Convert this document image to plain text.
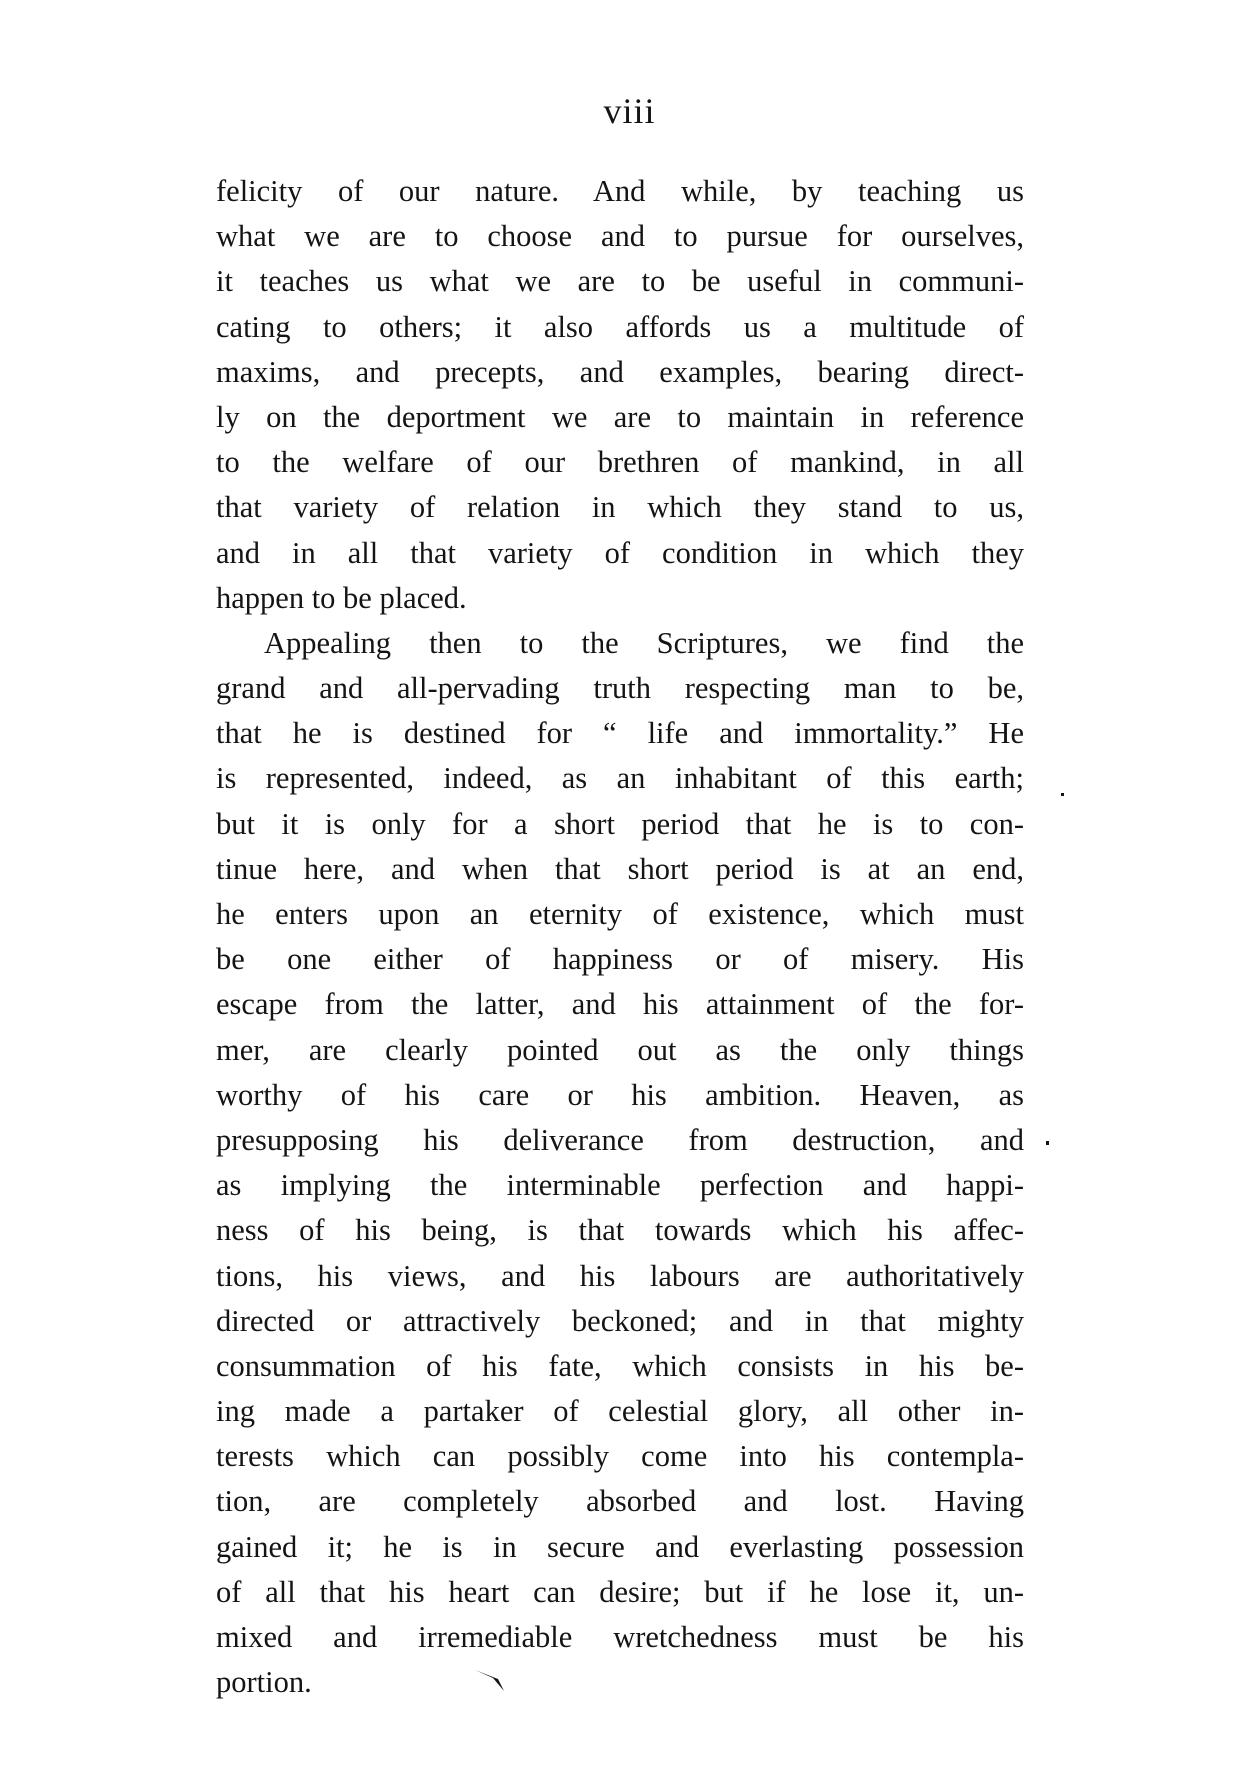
viii
felicity of our nature. And while, by teaching us
what we are to choose and to pursue for ourselves,
it teaches us what we are to be useful in communi-
cating to others; it also affords us a multitude of
maxims, and precepts, and examples, bearing direct-
ly on the deportment we are to maintain in reference
to the welfare of our brethren of mankind, in all
that variety of relation in which they stand to us,
and in all that variety of condition in which they
happen to be placed.
Appealing then to the Scriptures, we find the
grand and all-pervading truth respecting man to be,
that he is destined for “ life and immortality.” He
is represented, indeed, as an inhabitant of this earth;
but it is only for a short period that he is to con-
tinue here, and when that short period is at an end,
he enters upon an eternity of existence, which must
be one either of happiness or of misery. His
escape from the latter, and his attainment of the for-
mer, are clearly pointed out as the only things
worthy of his care or his ambition. Heaven, as
presupposing his deliverance from destruction, and
as implying the interminable perfection and happi-
ness of his being, is that towards which his affec-
tions, his views, and his labours are authoritatively
directed or attractively beckoned; and in that mighty
consummation of his fate, which consists in his be-
ing made a partaker of celestial glory, all other in-
terests which can possibly come into his contempla-
tion, are completely absorbed and lost. Having
gained it; he is in secure and everlasting possession
of all that his heart can desire; but if he lose it, un-
mixed and irremediable wretchedness must be his
portion.
